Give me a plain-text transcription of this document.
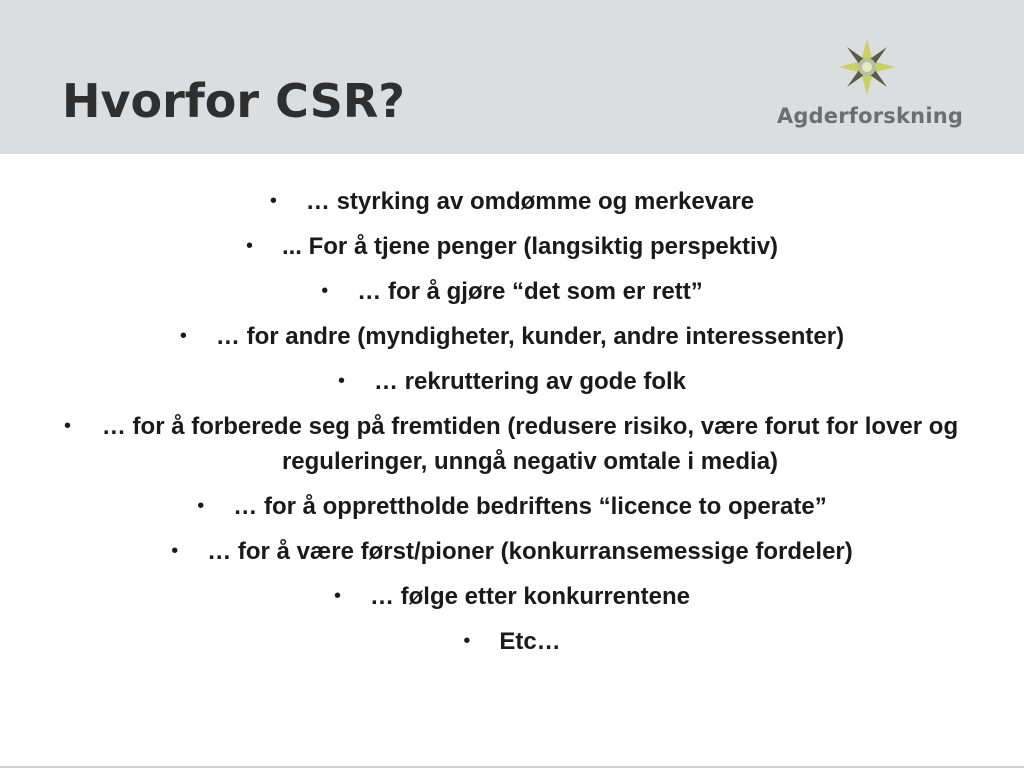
Hvorfor CSR?	Agderforskning
•	… styrking av omdømme og merkevare
•	... For å tjene penger (langsiktig perspektiv)
•	… for å gjøre “det som er rett”
•	… for andre (myndigheter, kunder, andre interessenter)
•	… rekruttering av gode folk
•	… for å forberede seg på fremtiden (redusere risiko, være forut for lover og reguleringer, unngå negativ omtale i media)
•	… for å opprettholde bedriftens “licence to operate”
•	… for å være først/pioner (konkurransemessige fordeler)
•	… følge etter konkurrentene
•	Etc…
